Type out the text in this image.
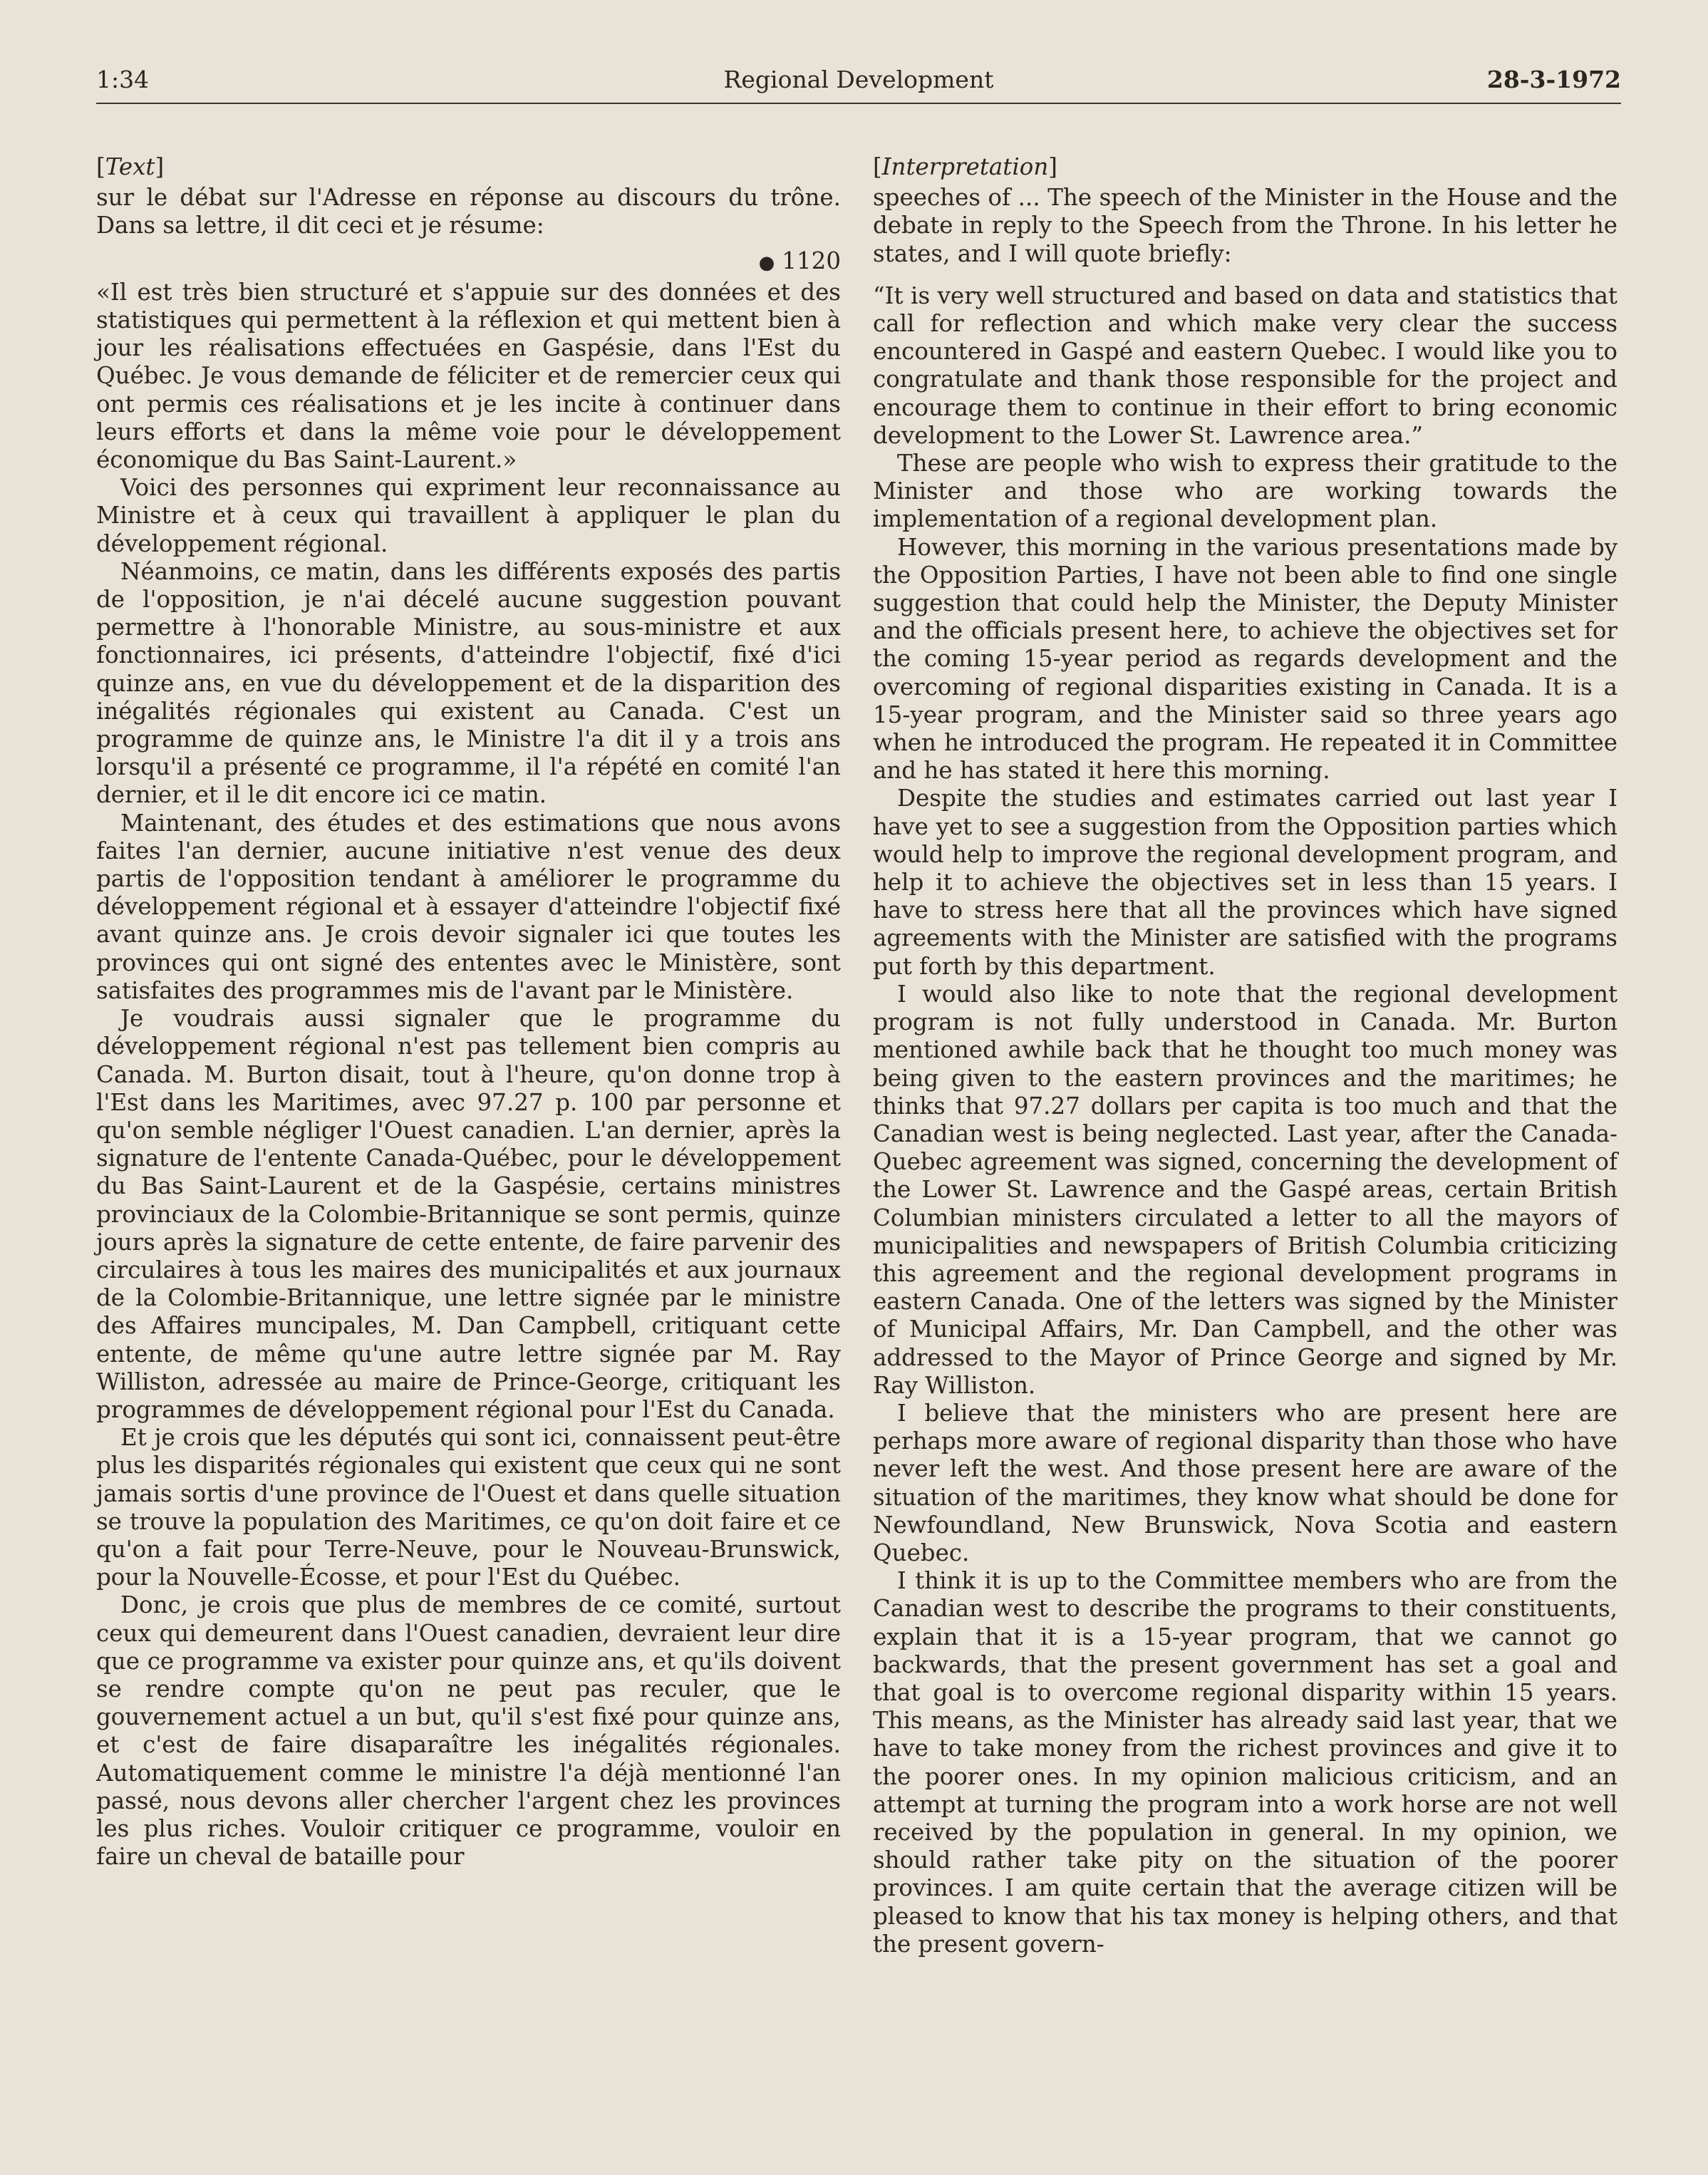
1:34	Regional Development	28-3-1972
[Text]

sur le débat sur l'Adresse en réponse au discours du trône. Dans sa lettre, il dit ceci et je résume:

● 1120

«Il est très bien structuré et s'appuie sur des données et des statistiques qui permettent à la réflexion et qui mettent bien à jour les réalisations effectuées en Gaspésie, dans l'Est du Québec. Je vous demande de féliciter et de remercier ceux qui ont permis ces réalisations et je les incite à continuer dans leurs efforts et dans la même voie pour le développement économique du Bas Saint-Laurent.»

Voici des personnes qui expriment leur reconnaissance au Ministre et à ceux qui travaillent à appliquer le plan du développement régional.

Néanmoins, ce matin, dans les différents exposés des partis de l'opposition, je n'ai décelé aucune suggestion pouvant permettre à l'honorable Ministre, au sous-ministre et aux fonctionnaires, ici présents, d'atteindre l'objectif, fixé d'ici quinze ans, en vue du développement et de la disparition des inégalités régionales qui existent au Canada. C'est un programme de quinze ans, le Ministre l'a dit il y a trois ans lorsqu'il a présenté ce programme, il l'a répété en comité l'an dernier, et il le dit encore ici ce matin.

Maintenant, des études et des estimations que nous avons faites l'an dernier, aucune initiative n'est venue des deux partis de l'opposition tendant à améliorer le programme du développement régional et à essayer d'atteindre l'objectif fixé avant quinze ans. Je crois devoir signaler ici que toutes les provinces qui ont signé des ententes avec le Ministère, sont satisfaites des programmes mis de l'avant par le Ministère.

Je voudrais aussi signaler que le programme du développement régional n'est pas tellement bien compris au Canada. M. Burton disait, tout à l'heure, qu'on donne trop à l'Est dans les Maritimes, avec 97.27 p. 100 par personne et qu'on semble négliger l'Ouest canadien. L'an dernier, après la signature de l'entente Canada-Québec, pour le développement du Bas Saint-Laurent et de la Gaspésie, certains ministres provinciaux de la Colombie-Britannique se sont permis, quinze jours après la signature de cette entente, de faire parvenir des circulaires à tous les maires des municipalités et aux journaux de la Colombie-Britannique, une lettre signée par le ministre des Affaires muncipales, M. Dan Campbell, critiquant cette entente, de même qu'une autre lettre signée par M. Ray Williston, adressée au maire de Prince-George, critiquant les programmes de développement régional pour l'Est du Canada.

Et je crois que les députés qui sont ici, connaissent peut-être plus les disparités régionales qui existent que ceux qui ne sont jamais sortis d'une province de l'Ouest et dans quelle situation se trouve la population des Maritimes, ce qu'on doit faire et ce qu'on a fait pour Terre-Neuve, pour le Nouveau-Brunswick, pour la Nouvelle-Écosse, et pour l'Est du Québec.

Donc, je crois que plus de membres de ce comité, surtout ceux qui demeurent dans l'Ouest canadien, devraient leur dire que ce programme va exister pour quinze ans, et qu'ils doivent se rendre compte qu'on ne peut pas reculer, que le gouvernement actuel a un but, qu'il s'est fixé pour quinze ans, et c'est de faire disaparaître les inégalités régionales. Automatiquement comme le ministre l'a déjà mentionné l'an passé, nous devons aller chercher l'argent chez les provinces les plus riches. Vouloir critiquer ce programme, vouloir en faire un cheval de bataille pour

[Interpretation]

speeches of ... The speech of the Minister in the House and the debate in reply to the Speech from the Throne. In his letter he states, and I will quote briefly:

“It is very well structured and based on data and statistics that call for reflection and which make very clear the success encountered in Gaspé and eastern Quebec. I would like you to congratulate and thank those responsible for the project and encourage them to continue in their effort to bring economic development to the Lower St. Lawrence area.”

These are people who wish to express their gratitude to the Minister and those who are working towards the implementation of a regional development plan.

However, this morning in the various presentations made by the Opposition Parties, I have not been able to find one single suggestion that could help the Minister, the Deputy Minister and the officials present here, to achieve the objectives set for the coming 15-year period as regards development and the overcoming of regional disparities existing in Canada. It is a 15-year program, and the Minister said so three years ago when he introduced the program. He repeated it in Committee and he has stated it here this morning.

Despite the studies and estimates carried out last year I have yet to see a suggestion from the Opposition parties which would help to improve the regional development program, and help it to achieve the objectives set in less than 15 years. I have to stress here that all the provinces which have signed agreements with the Minister are satisfied with the programs put forth by this department.

I would also like to note that the regional development program is not fully understood in Canada. Mr. Burton mentioned awhile back that he thought too much money was being given to the eastern provinces and the maritimes; he thinks that 97.27 dollars per capita is too much and that the Canadian west is being neglected. Last year, after the Canada-Quebec agreement was signed, concerning the development of the Lower St. Lawrence and the Gaspé areas, certain British Columbian ministers circulated a letter to all the mayors of municipalities and newspapers of British Columbia criticizing this agreement and the regional development programs in eastern Canada. One of the letters was signed by the Minister of Municipal Affairs, Mr. Dan Campbell, and the other was addressed to the Mayor of Prince George and signed by Mr. Ray Williston.

I believe that the ministers who are present here are perhaps more aware of regional disparity than those who have never left the west. And those present here are aware of the situation of the maritimes, they know what should be done for Newfoundland, New Brunswick, Nova Scotia and eastern Quebec.

I think it is up to the Committee members who are from the Canadian west to describe the programs to their constituents, explain that it is a 15-year program, that we cannot go backwards, that the present government has set a goal and that goal is to overcome regional disparity within 15 years. This means, as the Minister has already said last year, that we have to take money from the richest provinces and give it to the poorer ones. In my opinion malicious criticism, and an attempt at turning the program into a work horse are not well received by the population in general. In my opinion, we should rather take pity on the situation of the poorer provinces. I am quite certain that the average citizen will be pleased to know that his tax money is helping others, and that the present govern-
